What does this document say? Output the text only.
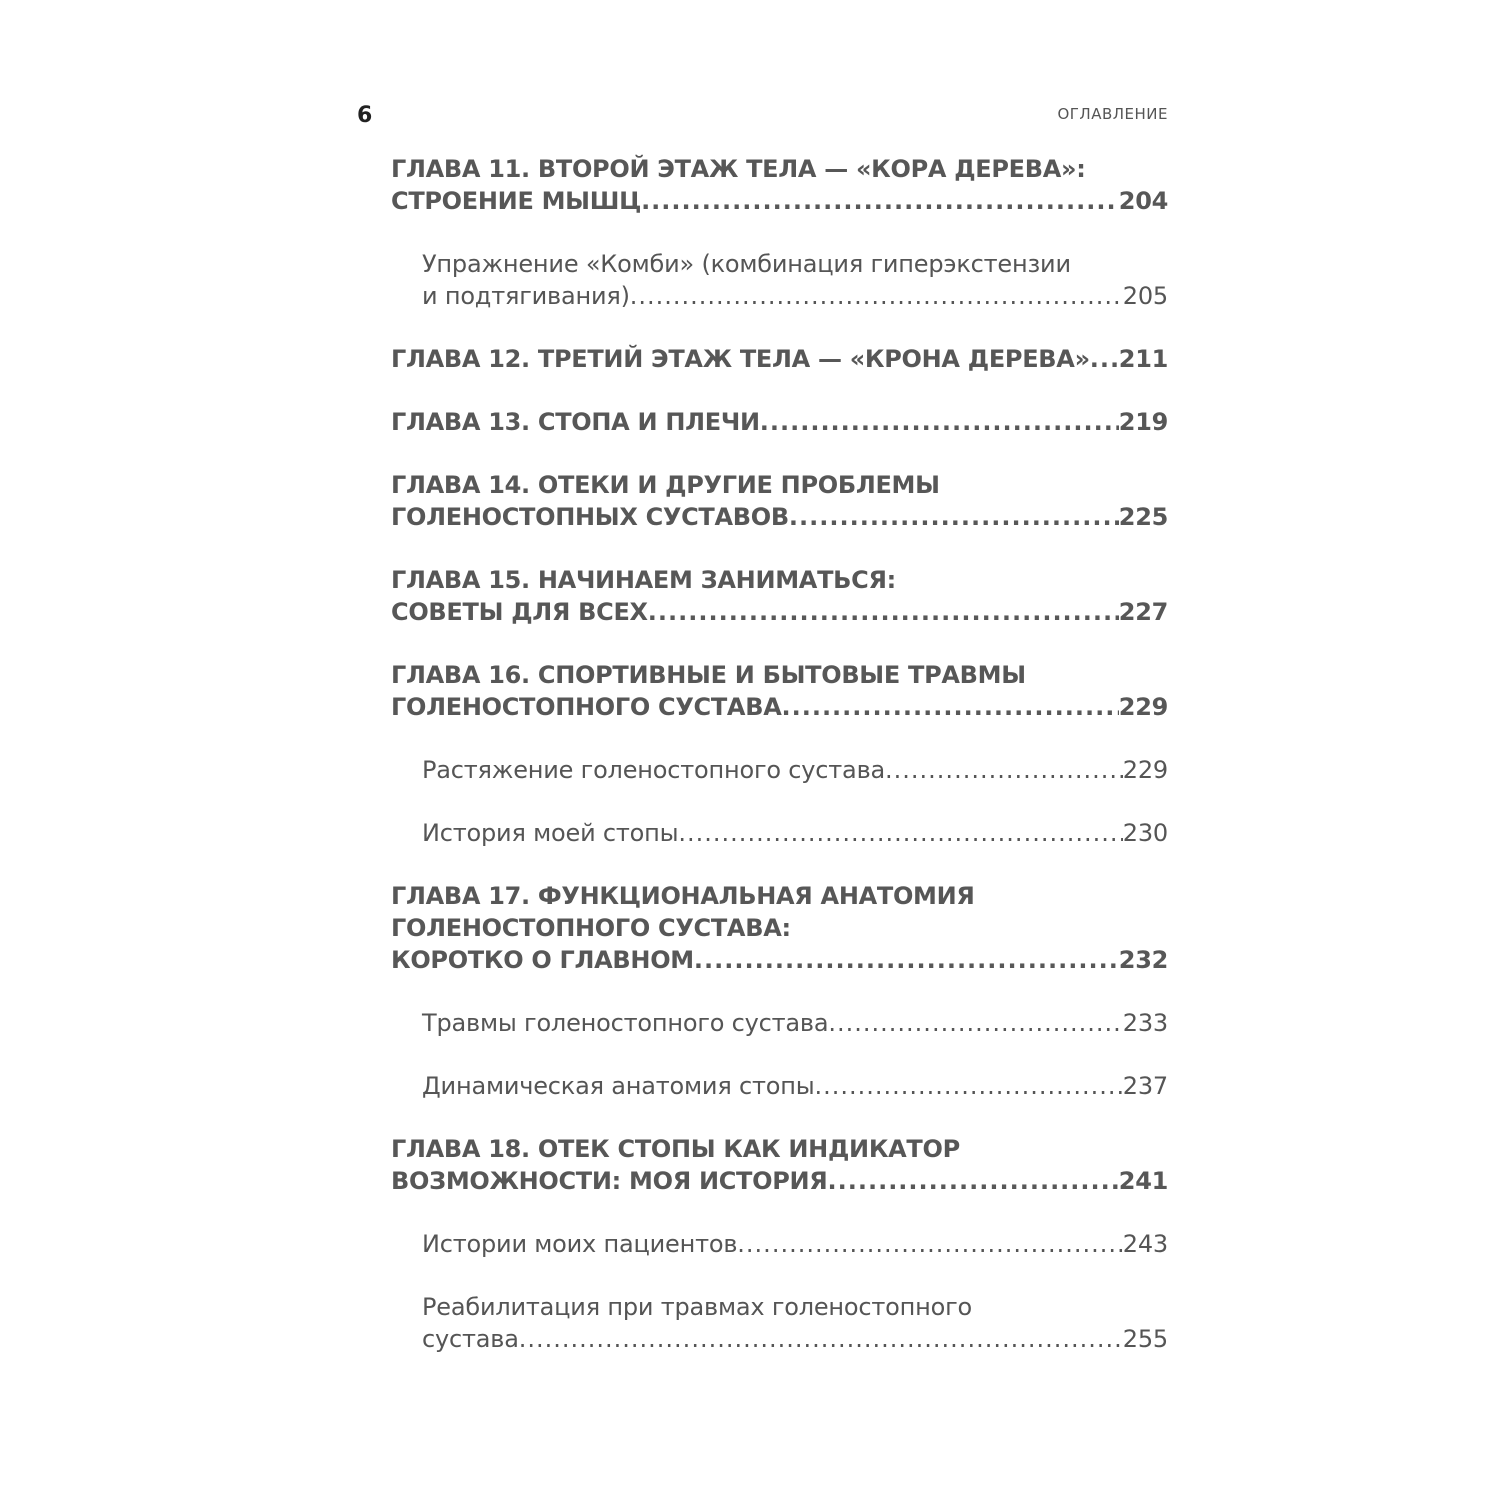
6	ОГЛАВЛЕНИЕ
ГЛАВА 11. ВТОРОЙ ЭТАЖ ТЕЛА — «КОРА ДЕРЕВА»:
СТРОЕНИЕ МЫШЦ .....	204
Упражнение «Комби» (комбинация гиперэкстензии
и подтягивания) .....	205
ГЛАВА 12. ТРЕТИЙ ЭТАЖ ТЕЛА — «КРОНА ДЕРЕВА» ..... 211
ГЛАВА 13. СТОПА И ПЛЕЧИ .....	219
ГЛАВА 14. ОТЕКИ И ДРУГИЕ ПРОБЛЕМЫ
ГОЛЕНОСТОПНЫХ СУСТАВОВ .....	225
ГЛАВА 15. НАЧИНАЕМ ЗАНИМАТЬСЯ:
СОВЕТЫ ДЛЯ ВСЕХ .....	227
ГЛАВА 16. СПОРТИВНЫЕ И БЫТОВЫЕ ТРАВМЫ
ГОЛЕНОСТОПНОГО СУСТАВА .....	229
Растяжение голеностопного сустава .....	229
История моей стопы .....	230
ГЛАВА 17. ФУНКЦИОНАЛЬНАЯ АНАТОМИЯ
ГОЛЕНОСТОПНОГО СУСТАВА:
КОРОТКО О ГЛАВНОМ .....	232
Травмы голеностопного сустава .....	233
Динамическая анатомия стопы .....	237
ГЛАВА 18. ОТЕК СТОПЫ КАК ИНДИКАТОР
ВОЗМОЖНОСТИ: МОЯ ИСТОРИЯ .....	241
Истории моих пациентов .....	243
Реабилитация при травмах голеностопного
сустава .....	255
